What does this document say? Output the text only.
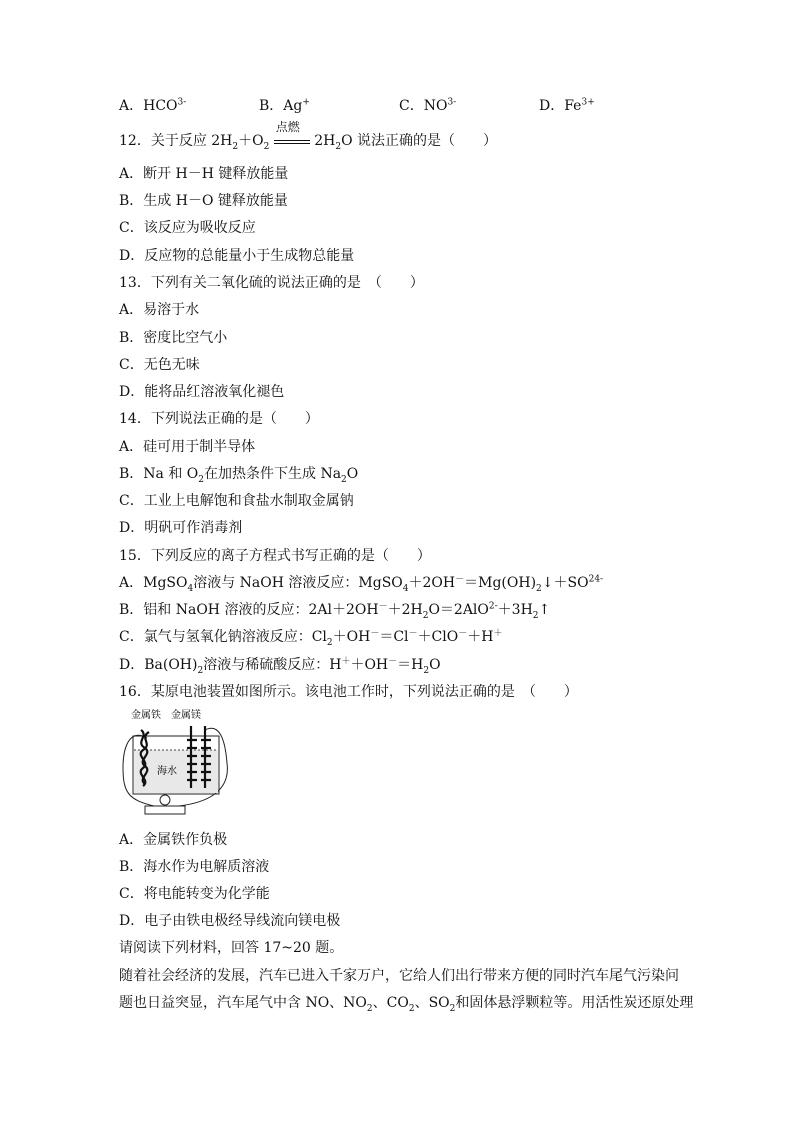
A．$HCO^{3-}$	B．Ag+	C．$NO^{3-}$	D．$Fe^{3+}$
12．关于反应 $2H_2+O_2$
点燃
$2H_2O$ 说法正确的是（　　）
A．断开 H－H 键释放能量
B．生成 H－O 键释放能量
C．该反应为吸收反应
D．反应物的总能量小于生成物总能量
13．下列有关二氧化硫的说法正确的是　（　　）
A．易溶于水
B．密度比空气小
C．无色无味
D．能将品红溶液氧化褪色
14．下列说法正确的是（　　）
A．硅可用于制半导体
B．Na 和 $O_2$在加热条件下生成 $Na_2O$
C．工业上电解饱和食盐水制取金属钠
D．明矾可作消毒剂
15．下列反应的离子方程式书写正确的是（　　）
A．MgSO$_4$溶液与 NaOH 溶液反应：$MgSO_4+2OH^-=Mg(OH)_2↓+SO^{24-}$
B．铝和 NaOH 溶液的反应：$2Al+2OH^-+2H_2O=2AlO^{2-}+3H_2↑$
C．氯气与氢氧化钠溶液反应：$Cl_2+OH^-=Cl^-+ClO^-+H^+$
D．$Ba(OH)_2$溶液与稀硫酸反应：$H^++OH^-=H_2O$
16．某原电池装置如图所示。该电池工作时，下列说法正确的是　（　　）
金属铁 金属镁
海水
A．金属铁作负极
B．海水作为电解质溶液
C．将电能转变为化学能
D．电子由铁电极经导线流向镁电极
请阅读下列材料，回答 17~20 题。
随着社会经济的发展，汽车已进入千家万户，它给人们出行带来方便的同时汽车尾气污染问
题也日益突显，汽车尾气中含 NO、$NO_2$、$CO_2$、$SO_2$和固体悬浮颗粒等。用活性炭还原处理
